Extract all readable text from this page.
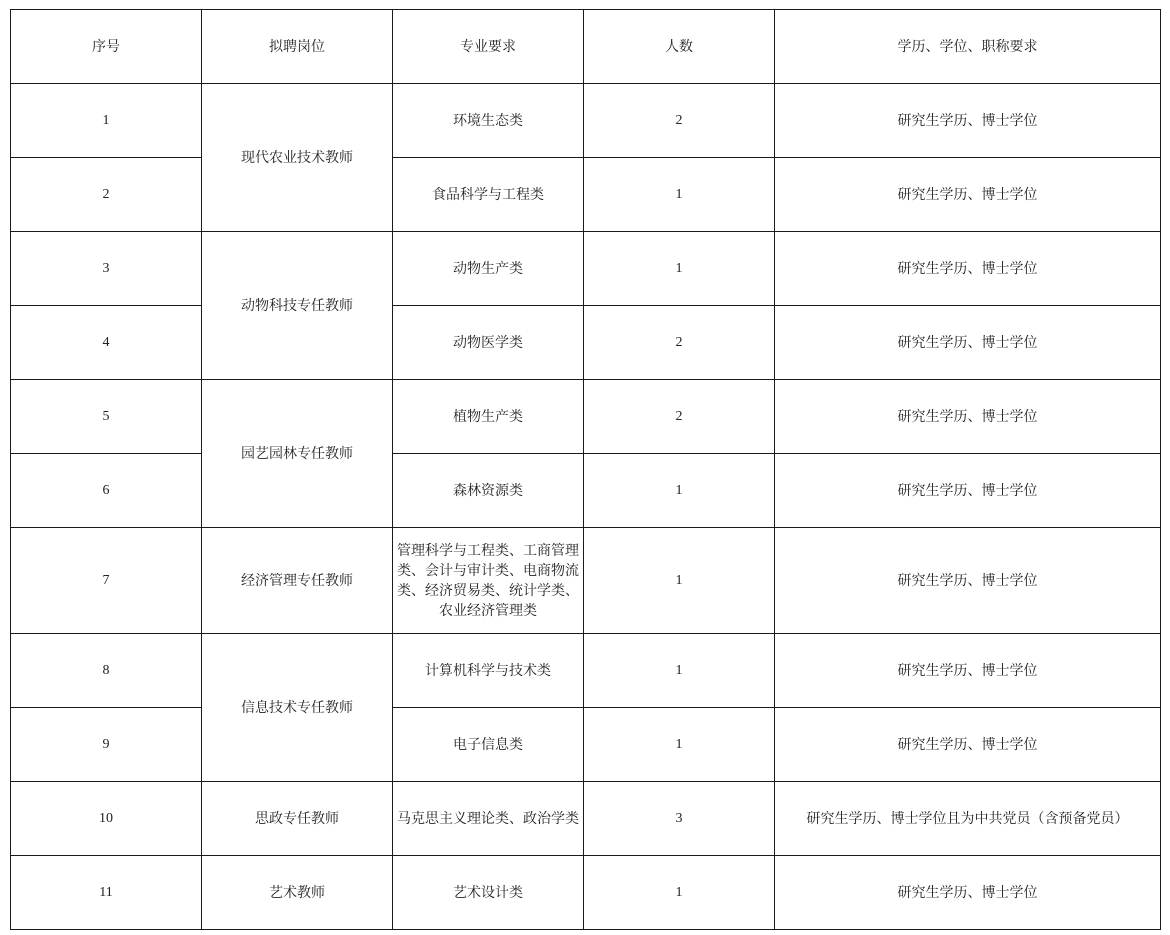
序号	拟聘岗位	专业要求	人数	学历、学位、职称要求
1	现代农业技术教师	环境生态类	2	研究生学历、博士学位
2		食品科学与工程类	1	研究生学历、博士学位
3	动物科技专任教师	动物生产类	1	研究生学历、博士学位
4		动物医学类	2	研究生学历、博士学位
5	园艺园林专任教师	植物生产类	2	研究生学历、博士学位
6		森林资源类	1	研究生学历、博士学位
7	经济管理专任教师	管理科学与工程类、工商管理类、会计与审计类、电商物流类、经济贸易类、统计学类、农业经济管理类	1	研究生学历、博士学位
8	信息技术专任教师	计算机科学与技术类	1	研究生学历、博士学位
9		电子信息类	1	研究生学历、博士学位
10	思政专任教师	马克思主义理论类、政治学类	3	研究生学历、博士学位且为中共党员（含预备党员）
11	艺术教师	艺术设计类	1	研究生学历、博士学位
